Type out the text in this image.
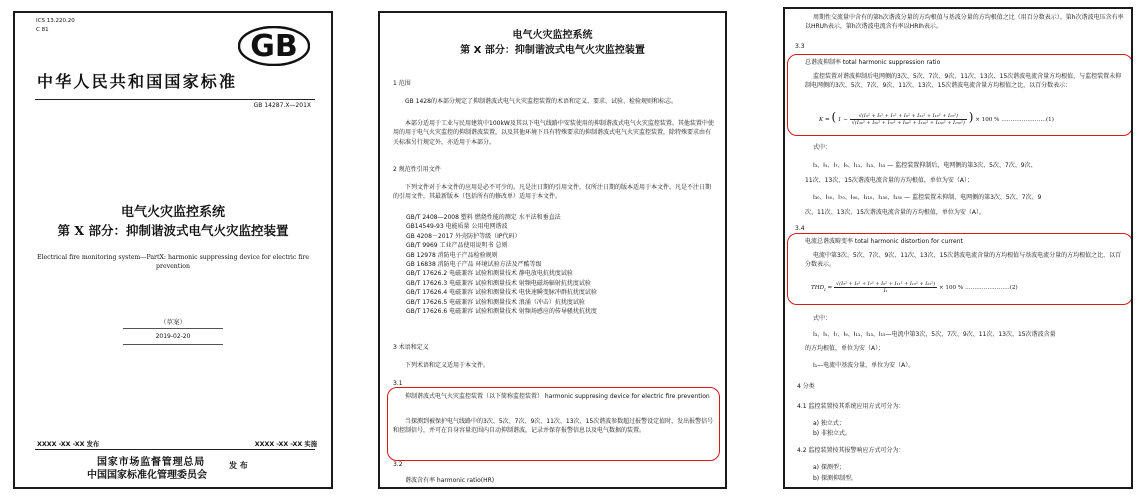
ICS 13.220.20
C 81	GB
中华人民共和国国家标准
GB 14287.X—201X
电气火灾监控系统
第 X 部分：抑制谐波式电气火灾监控装置
Electrical fire monitoring system—PartX: harmonic suppressing device for electric fire prevention
（草案）
2019-02-20
XXXX -XX -XX 发布	XXXX -XX -XX 实施
国家市场监督管理总局
中国国家标准化管理委员会
发 布
电气火灾监控系统
第 X 部分：抑制谐波式电气火灾监控装置
1 范围
GB 1428的本部分规定了抑制谐波式电气火灾监控装置的术语和定义、要求、试验、检验规则和标志。
本部分适用于工业与民用建筑中100kW及其以下电气线路中安装使用的抑制谐波式电气火灾监控装置。其他装置中使用的用于电气火灾监控的抑制谐波装置，以及其他环境下具有特殊要求的抑制谐波式电气火灾监控装置，除特殊要求由有关标准另行规定外，亦适用于本部分。
2 规范性引用文件
下列文件对于本文件的应用是必不可少的。凡是注日期的引用文件，仅所注日期的版本适用于本文件。凡是不注日期的引用文件，其最新版本（包括所有的修改单）适用于本文件。
GB/T 2408—2008 塑料 燃烧性能的测定 水平法和垂直法
GB14549-93 电能质量 公用电网谐波
GB 4208－2017 外壳防护等级（IP代码）
GB/T 9969 工业产品使用说明书 总则
GB 12978 消防电子产品检验规则
GB 16838 消防电子产品 环境试验方法及严酷等级
GB/T 17626.2 电磁兼容 试验和测量技术 静电放电抗扰度试验
GB/T 17626.3 电磁兼容 试验和测量技术 射频电磁场辐射抗扰度试验
GB/T 17626.4 电磁兼容 试验和测量技术 电快速瞬变脉冲群抗扰度试验
GB/T 17626.5 电磁兼容 试验和测量技术 浪涌（冲击）抗扰度试验
GB/T 17626.6 电磁兼容 试验和测量技术 射频场感应的传导骚扰抗扰度
3 术语和定义
下列术语和定义适用于本文件。
3.1
抑制谐波式电气火灾监控装置（以下简称监控装置） harmonic suppresing device for electric fire prevention
当探测到被保护电气线路中的3次、5次、7次、9次、11次、13次、15次谐波参数超过报警设定值时，发出报警信号和控制信号，并可在自身容量范围内自动抑制谐波，记录并保存报警信息以及电气数据的装置。
3.2
谐波含有率 harmonic ratio(HR)
周期性交流量中含有的第h次谐波分量的方均根值与基波分量的方均根值之比（用百分数表示）。第h次谐波电压含有率以HRUh表示，第h次谐波电流含有率以HRIh表示。
3.3
总谐波抑制率 total harmonic suppression ratio
监控装置对谐波抑制后电网侧的3次、5次、7次、9次、11次、13次、15次谐波电流含量方均根值，与监控装置未抑制电网侧的3次、5次、7次、9次、11次、13次、15次谐波电流含量方均根值之比，以百分数表示：
K = ( $1 - \frac{\text{√(I₃² + I₅² + I₇² + I₉² + I₁₁² + I₁₃² + I₁₅²)}}{\text{√(I₃₀² + I₅₀² + I₇₀² + I₉₀² + I₁₁₀² + I₁₃₀² + I₁₅₀²)}}$ ) × 100 % ……………………(1)
式中：
I₃、I₅、I₇、I₉、I₁₁、I₁₃、I₁₅ — 监控装置抑制后，电网侧的第3次、5次、7次、9次、
11次、13次、15次谐波电流含量的方均根值，单位为安（A）；
I₃₀、I₅₀、I₇₀、I₉₀、I₁₁₀、I₁₃₀、I₁₅₀ — 监控装置未抑制，电网侧的第3次、5次、7次、9
次、11次、13次、15次谐波电流含量的方均根值，单位为安（A）。
3.4
电流总谐波畸变率 total harmonic distortion for current
电流中第3次、5次、7次、9次、11次、13次、15次谐波电流含量的方均根值与基波电流分量的方均根值之比，以百分数表示。
$THD_I = \frac{\text{√(I₃² + I₅² + I₇² + I₉² + I₁₁² + I₁₃² + I₁₅²)}}{\text{I₁}} \times 100$ % ……………………(2)
式中：
I₃、I₅、I₇、I₉、I₁₁、I₁₃、I₁₅—电流中第3次、5次、7次、9次、11次、13次、15次谐波含量
的方均根值，单位为安（A）；
I₁—电流中基波分量，单位为安（A）。
4 分类
4.1 监控装置按其系统应用方式可分为：
a) 独立式；
b) 非独立式。
4.2 监控装置按其报警响应方式可分为：
a) 探测型；
b) 探测抑制型。
